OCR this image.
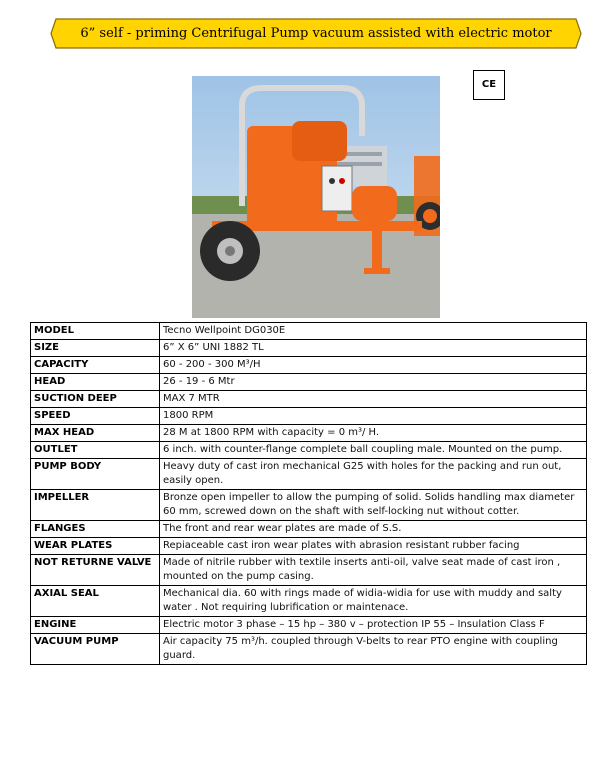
6” self - priming Centrifugal Pump vacuum assisted with electric motor
CE
MODEL	Tecno Wellpoint DG030E
SIZE	6” X 6” UNI 1882 TL
CAPACITY	60 - 200 - 300 M³/H
HEAD	26 - 19 - 6 Mtr
SUCTION DEEP	MAX 7 MTR
SPEED	1800 RPM
MAX HEAD	28 M at 1800 RPM with capacity = 0 m³/ H.
OUTLET	6 inch. with counter-flange complete ball coupling male. Mounted on the pump.
PUMP BODY	Heavy duty of cast iron mechanical G25 with holes for the packing and run out, easily open.
IMPELLER	Bronze open impeller to allow the pumping of solid. Solids handling max diameter 60 mm, screwed down on the shaft with self-locking nut without cotter.
FLANGES	The front and rear wear plates are made of S.S.
WEAR PLATES	Repiaceable cast iron wear plates with abrasion resistant rubber facing
NOT RETURNE VALVE	Made of nitrile rubber with textile inserts anti-oil, valve seat made of cast iron , mounted on the pump casing.
AXIAL SEAL	Mechanical dia. 60 with rings made of widia-widia for use with muddy and salty water . Not requiring lubrification or maintenace.
ENGINE	Electric motor 3 phase – 15 hp – 380 v – protection IP 55 – Insulation Class F
VACUUM PUMP	Air capacity 75 m³/h. coupled through V-belts to rear PTO engine with coupling guard.
